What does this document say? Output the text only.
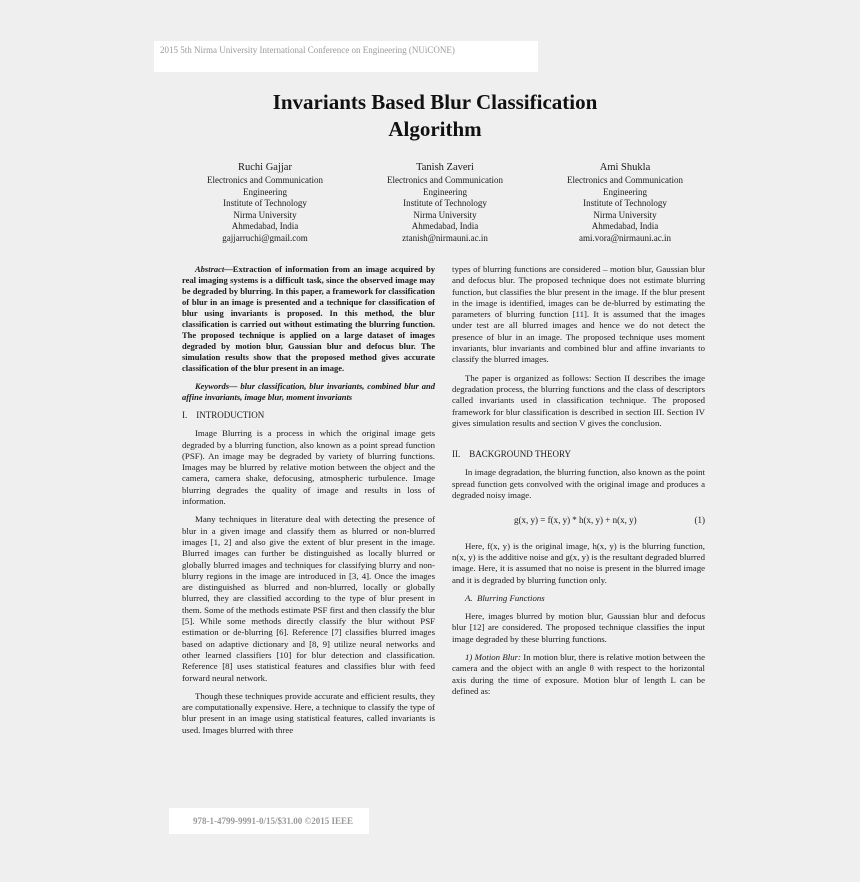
2015 5th Nirma University International Conference on Engineering (NUiCONE)
Invariants Based Blur Classification
Algorithm
Ruchi Gajjar
Electronics and Communication
Engineering
Institute of Technology
Nirma University
Ahmedabad, India
gajjarruchi@gmail.com
Tanish Zaveri
Electronics and Communication
Engineering
Institute of Technology
Nirma University
Ahmedabad, India
ztanish@nirmauni.ac.in
Ami Shukla
Electronics and Communication
Engineering
Institute of Technology
Nirma University
Ahmedabad, India
ami.vora@nirmauni.ac.in

Abstract—Extraction of information from an image acquired by real imaging systems is a difficult task, since the observed image may be degraded by blurring. In this paper, a framework for classification of blur in an image is presented and a technique for classification of blur using invariants is proposed. In this method, the blur classification is carried out without estimating the blurring function. The proposed technique is applied on a large dataset of images degraded by motion blur, Gaussian blur and defocus blur. The simulation results show that the proposed method gives accurate classification of the blur present in an image.

Keywords— blur classification, blur invariants, combined blur and affine invariants, image blur, moment invariants

I. INTRODUCTION

Image Blurring is a process in which the original image gets degraded by a blurring function, also known as a point spread function (PSF). An image may be degraded by variety of blurring functions. Images may be blurred by relative motion between the object and the camera, camera shake, defocusing, atmospheric turbulence. Image blurring degrades the quality of image and results in loss of information.

Many techniques in literature deal with detecting the presence of blur in a given image and classify them as blurred or non-blurred images [1, 2] and also give the extent of blur present in the image. Blurred images can further be distinguished as locally blurred or globally blurred images and techniques for classifying blurry and non-blurry regions in the image are introduced in [3, 4]. Once the images are distinguished as blurred and non-blurred, locally or globally blurred, they are classified according to the type of blur present in them. Some of the methods estimate PSF first and then classify the blur [5]. While some methods directly classify the blur without PSF estimation or de-blurring [6]. Reference [7] classifies blurred images based on adaptive dictionary and [8, 9] utilize neural networks and other learned classifiers [10] for blur detection and classification. Reference [8] uses statistical features and classifies blur with feed forward neural network.

Though these techniques provide accurate and efficient results, they are computationally expensive. Here, a technique to classify the type of blur present in an image using statistical features, called invariants is used. Images blurred with three

types of blurring functions are considered – motion blur, Gaussian blur and defocus blur. The proposed technique does not estimate blurring function, but classifies the blur present in the image. If the blur present in the image is identified, images can be de-blurred by estimating the parameters of blurring function [11]. It is assumed that the images under test are all blurred images and hence we do not detect the presence of blur in an image. The proposed technique uses moment invariants, blur invariants and combined blur and affine invariants to classify the blurred images.

The paper is organized as follows: Section II describes the image degradation process, the blurring functions and the class of descriptors called invariants used in classification technique. The proposed framework for blur classification is described in section III. Section IV gives simulation results and section V gives the conclusion.

II. BACKGROUND THEORY

In image degradation, the blurring function, also known as the point spread function gets convolved with the original image and produces a degraded noisy image.

g(x, y) = f(x, y) * h(x, y) + n(x, y)	(1)

Here, f(x, y) is the original image, h(x, y) is the blurring function, n(x, y) is the additive noise and g(x, y) is the resultant degraded blurred image. Here, it is assumed that no noise is present in the blurred image and it is degraded by blurring function only.

A. Blurring Functions

Here, images blurred by motion blur, Gaussian blur and defocus blur [12] are considered. The proposed technique classifies the input image degraded by these blurring functions.

1) Motion Blur: In motion blur, there is relative motion between the camera and the object with an angle θ with respect to the horizontal axis during the time of exposure. Motion blur of length L can be defined as:

978-1-4799-9991-0/15/$31.00 ©2015 IEEE
